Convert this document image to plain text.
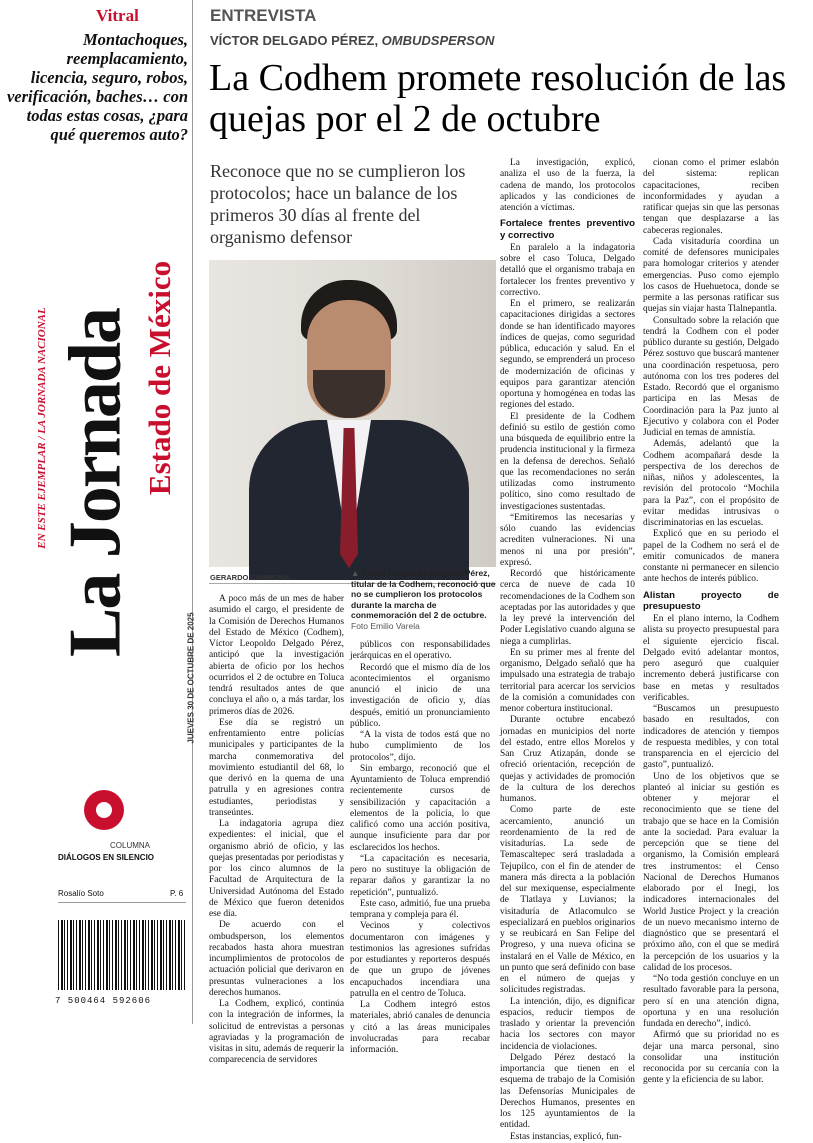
Vitral
Montachoques, reemplacamiento, licencia, seguro, robos, verificación, baches… con todas estas cosas, ¿para qué queremos auto?
La Jornada Estado de México
EN ESTE EJEMPLAR / LA JORNADA NACIONAL
JUEVES 30 DE OCTUBRE DE 2025
COLUMNA
DIÁLOGOS EN SILENCIO
Rosalío Soto	P. 6
7 500464 592606
ENTREVISTA
VÍCTOR DELGADO PÉREZ, OMBUDSPERSON
La Codhem promete resolución de las quejas por el 2 de octubre
Reconoce que no se cumplieron los protocolos; hace un balance de los primeros 30 días al frente del organismo defensor
GERARDO CARMONA	▲ Víctor Leopoldo Delgado Pérez, titular de la Codhem, reconoció que no se cumplieron los protocolos durante la marcha de conmemoración del 2 de octubre. Foto Emilio Varela

A poco más de un mes de haber asumido el cargo, el presidente de la Comisión de Derechos Humanos del Estado de México (Codhem), Víctor Leopoldo Delgado Pérez, anticipó que la investigación abierta de oficio por los hechos ocurridos el 2 de octubre en Toluca tendrá resultados antes de que concluya el año o, a más tardar, los primeros días de 2026.

Ese día se registró un enfrentamiento entre policías municipales y participantes de la marcha conmemorativa del movimiento estudiantil del 68, lo que derivó en la quema de una patrulla y en agresiones contra estudiantes, periodistas y transeúntes.

La indagatoria agrupa diez expedientes: el inicial, que el organismo abrió de oficio, y las quejas presentadas por periodistas y por los cinco alumnos de la Facultad de Arquitectura de la Universidad Autónoma del Estado de México que fueron detenidos ese día.

De acuerdo con el ombudsperson, los elementos recabados hasta ahora muestran incumplimientos de protocolos de actuación policial que derivaron en presuntas vulneraciones a los derechos humanos.

La Codhem, explicó, continúa con la integración de informes, la solicitud de entrevistas a personas agraviadas y la programación de visitas in situ, además de requerir la comparecencia de servidores

públicos con responsabilidades jerárquicas en el operativo.

Recordó que el mismo día de los acontecimientos el organismo anunció el inicio de una investigación de oficio y, días después, emitió un pronunciamiento público.

“A la vista de todos está que no hubo cumplimiento de los protocolos”, dijo.

Sin embargo, reconoció que el Ayuntamiento de Toluca emprendió recientemente cursos de sensibilización y capacitación a elementos de la policía, lo que calificó como una acción positiva, aunque insuficiente para dar por esclarecidos los hechos.

“La capacitación es necesaria, pero no sustituye la obligación de reparar daños y garantizar la no repetición”, puntualizó.

Este caso, admitió, fue una prueba temprana y compleja para él.

Vecinos y colectivos documentaron con imágenes y testimonios las agresiones sufridas por estudiantes y reporteros después de que un grupo de jóvenes encapuchados incendiara una patrulla en el centro de Toluca.

La Codhem integró estos materiales, abrió canales de denuncia y citó a las áreas municipales involucradas para recabar información.

La investigación, explicó, analiza el uso de la fuerza, la cadena de mando, los protocolos aplicados y las condiciones de atención a víctimas.

Fortalece frentes preventivo y correctivo

En paralelo a la indagatoria sobre el caso Toluca, Delgado detalló que el organismo trabaja en fortalecer los frentes preventivo y correctivo.

En el primero, se realizarán capacitaciones dirigidas a sectores donde se han identificado mayores índices de quejas, como seguridad pública, educación y salud. En el segundo, se emprenderá un proceso de modernización de oficinas y equipos para garantizar atención oportuna y homogénea en todas las regiones del estado.

El presidente de la Codhem definió su estilo de gestión como una búsqueda de equilibrio entre la prudencia institucional y la firmeza en la defensa de derechos. Señaló que las recomendaciones no serán utilizadas como instrumento político, sino como resultado de investigaciones sustentadas.

“Emitiremos las necesarias y sólo cuando las evidencias acrediten vulneraciones. Ni una menos ni una por presión”, expresó.

Recordó que históricamente cerca de nueve de cada 10 recomendaciones de la Codhem son aceptadas por las autoridades y que la ley prevé la intervención del Poder Legislativo cuando alguna se niega a cumplirlas.

En su primer mes al frente del organismo, Delgado señaló que ha impulsado una estrategia de trabajo territorial para acercar los servicios de la comisión a comunidades con menor cobertura institucional.

Durante octubre encabezó jornadas en municipios del norte del estado, entre ellos Morelos y San Cruz Atizapán, donde se ofreció orientación, recepción de quejas y actividades de promoción de la cultura de los derechos humanos.

Como parte de este acercamiento, anunció un reordenamiento de la red de visitadurías. La sede de Temascaltepec será trasladada a Tejupilco, con el fin de atender de manera más directa a la población del sur mexiquense, especialmente de Tlatlaya y Luvianos; la visitaduría de Atlacomulco se especializará en pueblos originarios y se reubicará en San Felipe del Progreso, y una nueva oficina se instalará en el Valle de México, en un punto que será definido con base en el número de quejas y solicitudes registradas.

La intención, dijo, es dignificar espacios, reducir tiempos de traslado y orientar la prevención hacia los sectores con mayor incidencia de violaciones.

Delgado Pérez destacó la importancia que tienen en el esquema de trabajo de la Comisión las Defensorías Municipales de Derechos Humanos, presentes en los 125 ayuntamientos de la entidad.

Estas instancias, explicó, fun-

cionan como el primer eslabón del sistema: replican capacitaciones, reciben inconformidades y ayudan a ratificar quejas sin que las personas tengan que desplazarse a las cabeceras regionales.

Cada visitaduría coordina un comité de defensores municipales para homologar criterios y atender emergencias. Puso como ejemplo los casos de Huehuetoca, donde se permite a las personas ratificar sus quejas sin viajar hasta Tlalnepantla.

Consultado sobre la relación que tendrá la Codhem con el poder público durante su gestión, Delgado Pérez sostuvo que buscará mantener una coordinación respetuosa, pero autónoma con los tres poderes del Estado. Recordó que el organismo participa en las Mesas de Coordinación para la Paz junto al Ejecutivo y colabora con el Poder Judicial en temas de amnistía.

Además, adelantó que la Codhem acompañará desde la perspectiva de los derechos de niñas, niños y adolescentes, la revisión del protocolo “Mochila para la Paz”, con el propósito de evitar medidas intrusivas o discriminatorias en las escuelas.

Explicó que en su periodo el papel de la Codhem no será el de emitir comunicados de manera constante ni permanecer en silencio ante hechos de interés público.

Alistan proyecto de presupuesto

En el plano interno, la Codhem alista su proyecto presupuestal para el siguiente ejercicio fiscal. Delgado evitó adelantar montos, pero aseguró que cualquier incremento deberá justificarse con base en metas y resultados verificables.

“Buscamos un presupuesto basado en resultados, con indicadores de atención y tiempos de respuesta medibles, y con total transparencia en el ejercicio del gasto”, puntualizó.

Uno de los objetivos que se planteó al iniciar su gestión es obtener y mejorar el reconocimiento que se tiene del trabajo que se hace en la Comisión ante la sociedad. Para evaluar la percepción que se tiene del organismo, la Comisión empleará tres instrumentos: el Censo Nacional de Derechos Humanos elaborado por el Inegi, los indicadores internacionales del World Justice Project y la creación de un nuevo mecanismo interno de diagnóstico que se presentará el próximo año, con el que se medirá la percepción de los usuarios y la calidad de los procesos.

“No toda gestión concluye en un resultado favorable para la persona, pero sí en una atención digna, oportuna y en una resolución fundada en derecho”, indicó.

Afirmó que su prioridad no es dejar una marca personal, sino consolidar una institución reconocida por su cercanía con la gente y la eficiencia de su labor.
